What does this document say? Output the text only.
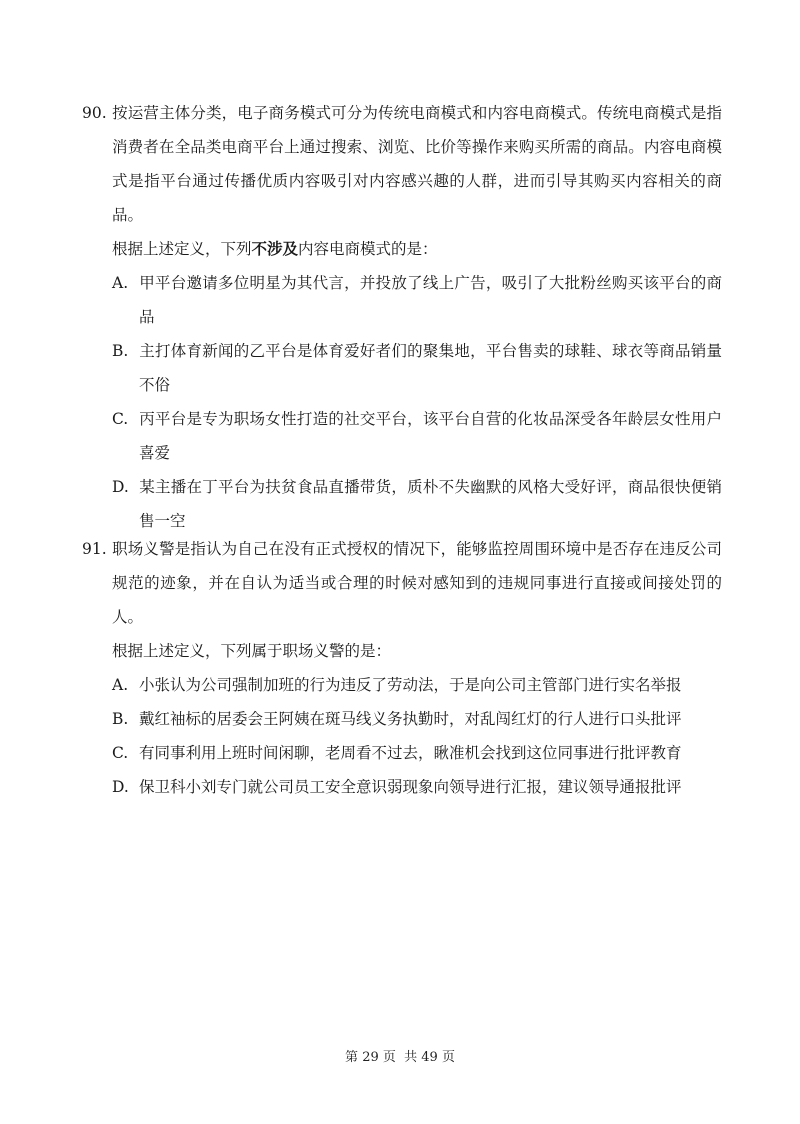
90. 按运营主体分类，电子商务模式可分为传统电商模式和内容电商模式。传统电商模式是指消费者在全品类电商平台上通过搜索、浏览、比价等操作来购买所需的商品。内容电商模式是指平台通过传播优质内容吸引对内容感兴趣的人群，进而引导其购买内容相关的商品。

根据上述定义，下列不涉及内容电商模式的是：

A. 甲平台邀请多位明星为其代言，并投放了线上广告，吸引了大批粉丝购买该平台的商品
B. 主打体育新闻的乙平台是体育爱好者们的聚集地，平台售卖的球鞋、球衣等商品销量不俗
C. 丙平台是专为职场女性打造的社交平台，该平台自营的化妆品深受各年龄层女性用户喜爱
D. 某主播在丁平台为扶贫食品直播带货，质朴不失幽默的风格大受好评，商品很快便销售一空

91. 职场义警是指认为自己在没有正式授权的情况下，能够监控周围环境中是否存在违反公司规范的迹象，并在自认为适当或合理的时候对感知到的违规同事进行直接或间接处罚的人。

根据上述定义，下列属于职场义警的是：

A. 小张认为公司强制加班的行为违反了劳动法，于是向公司主管部门进行实名举报
B. 戴红袖标的居委会王阿姨在斑马线义务执勤时，对乱闯红灯的行人进行口头批评
C. 有同事利用上班时间闲聊，老周看不过去，瞅准机会找到这位同事进行批评教育
D. 保卫科小刘专门就公司员工安全意识弱现象向领导进行汇报，建议领导通报批评
第 29 页  共 49 页
